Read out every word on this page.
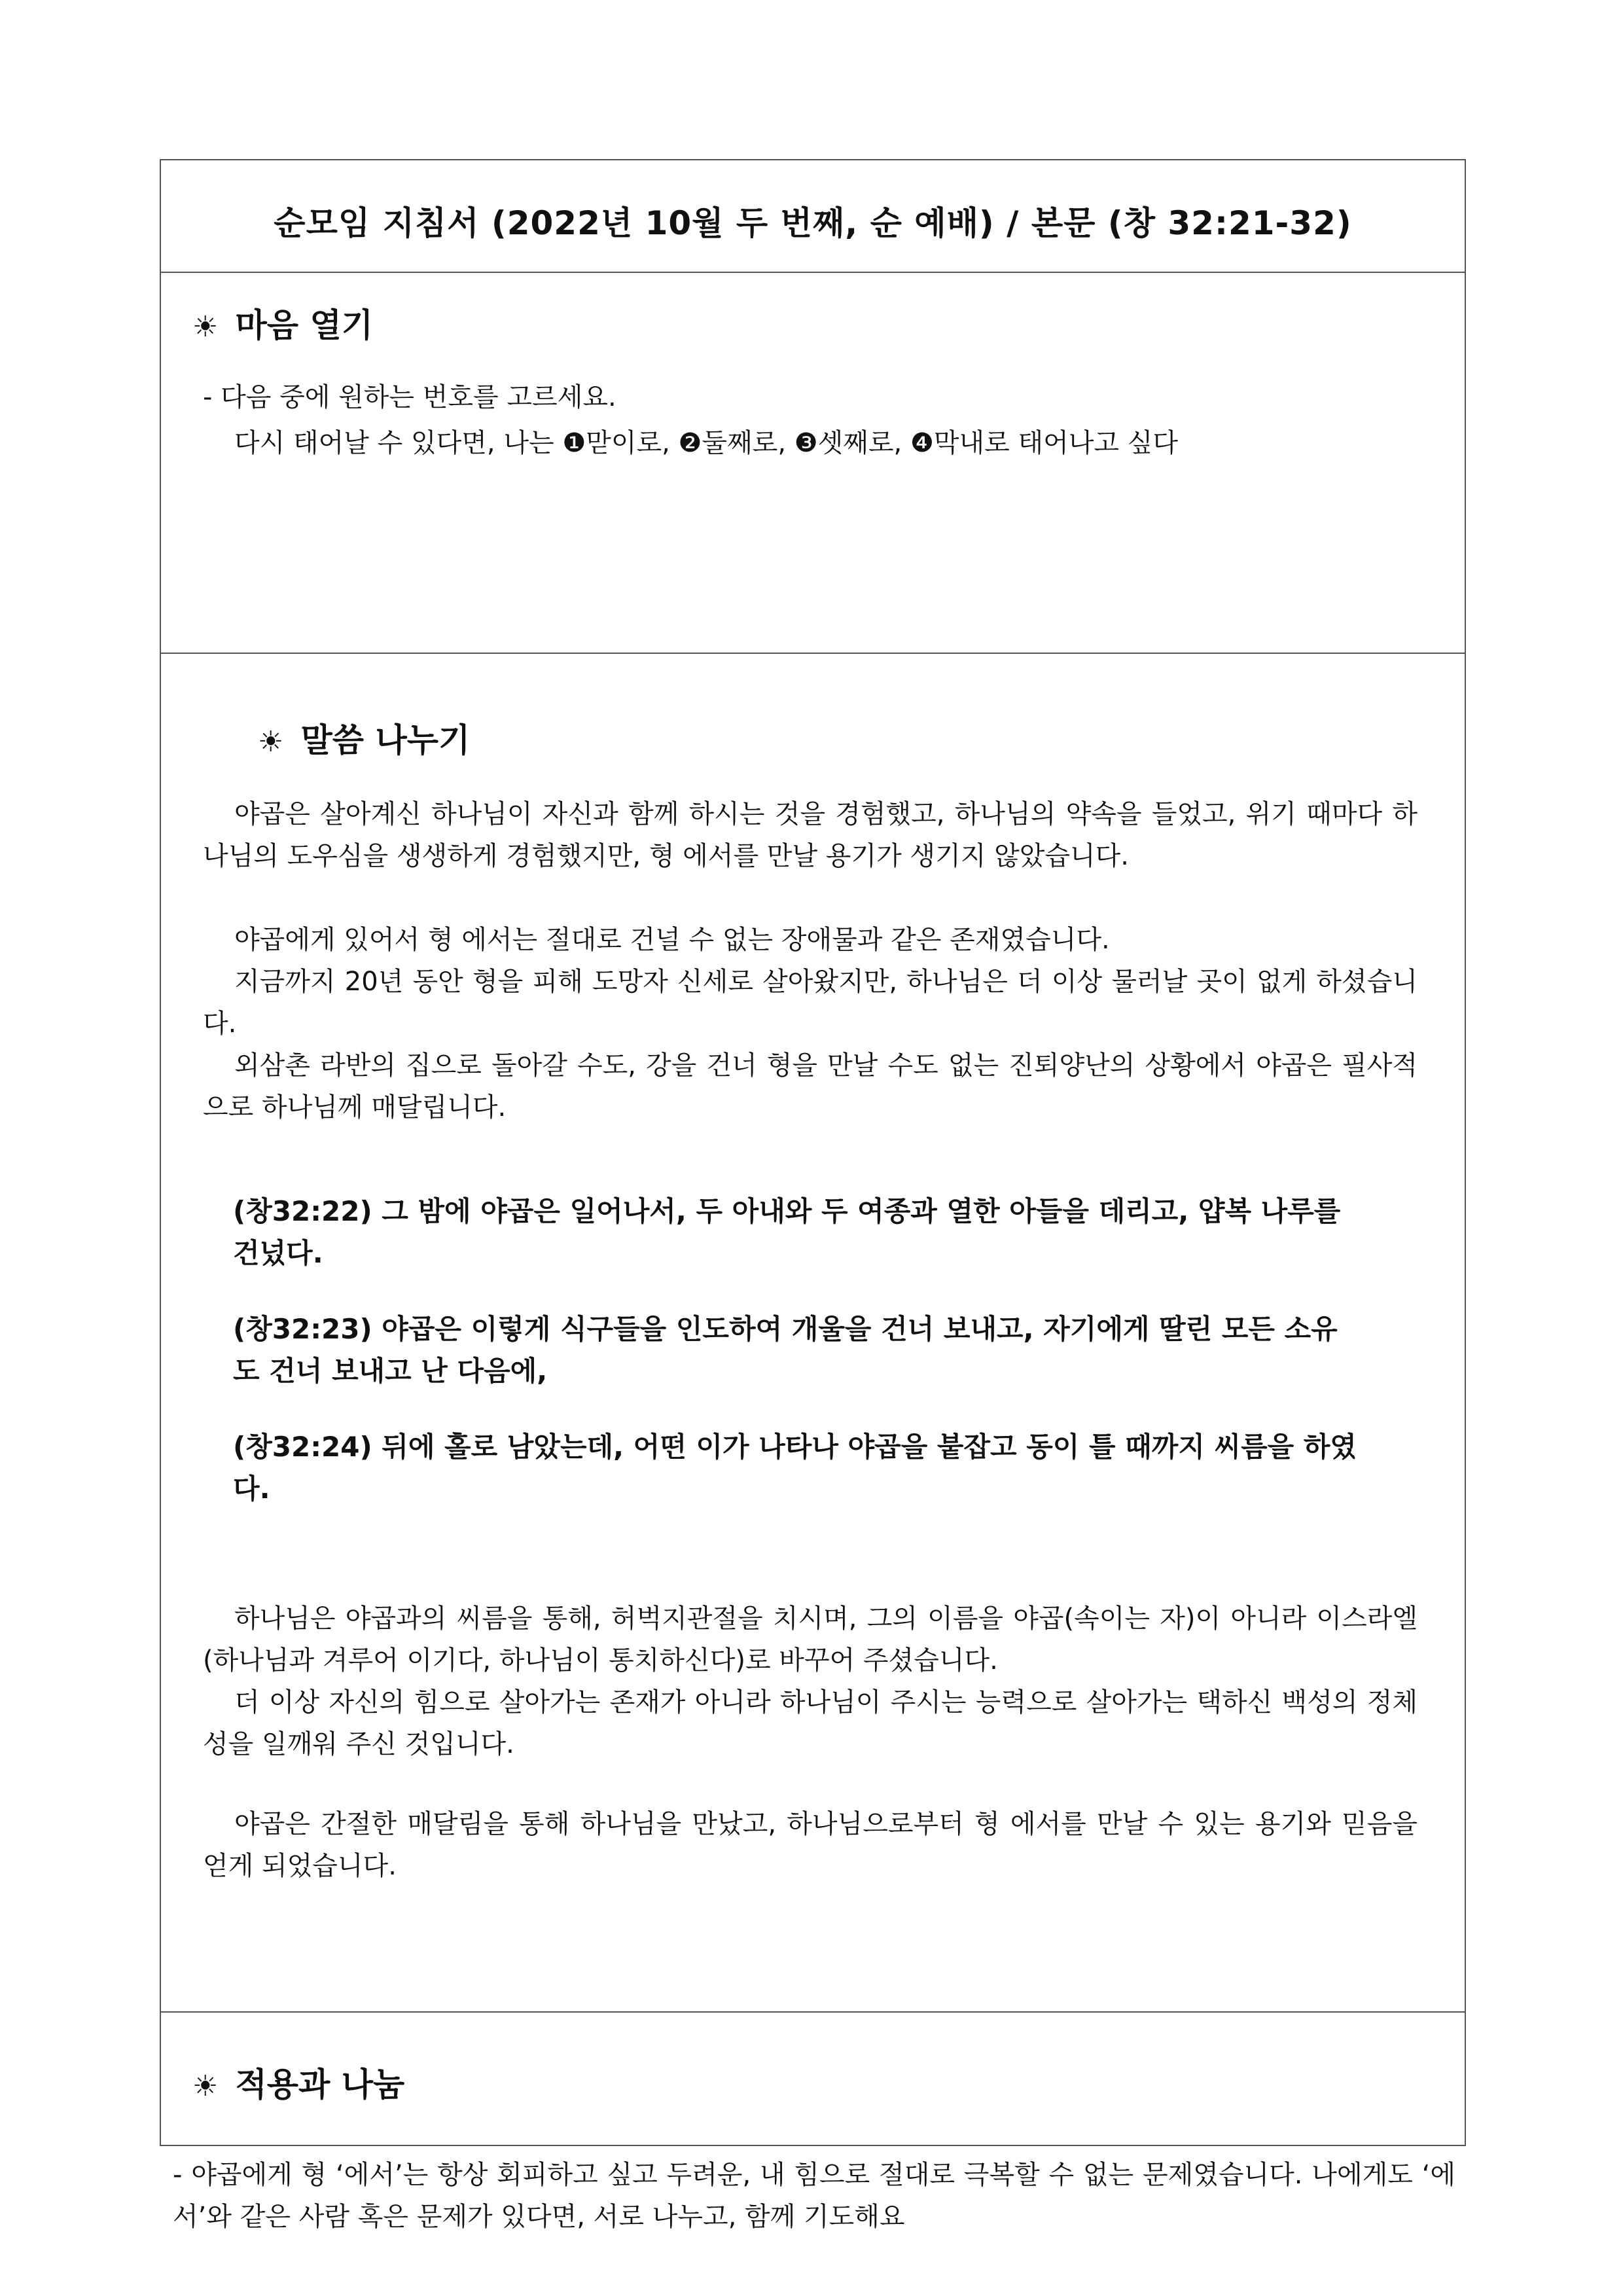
순모임 지침서 (2022년 10월 두 번째, 순 예배) / 본문 (창 32:21-32)
☀ 마음 열기
- 다음 중에 원하는 번호를 고르세요.
다시 태어날 수 있다면, 나는 ❶맏이로, ❷둘째로, ❸셋째로, ❹막내로 태어나고 싶다
☀ 말씀 나누기
야곱은 살아계신 하나님이 자신과 함께 하시는 것을 경험했고, 하나님의 약속을 들었고, 위기 때마다 하나님의 도우심을 생생하게 경험했지만, 형 에서를 만날 용기가 생기지 않았습니다.
야곱에게 있어서 형 에서는 절대로 건널 수 없는 장애물과 같은 존재였습니다.
지금까지 20년 동안 형을 피해 도망자 신세로 살아왔지만, 하나님은 더 이상 물러날 곳이 없게 하셨습니다.
외삼촌 라반의 집으로 돌아갈 수도, 강을 건너 형을 만날 수도 없는 진퇴양난의 상황에서 야곱은 필사적으로 하나님께 매달립니다.
(창32:22) 그 밤에 야곱은 일어나서, 두 아내와 두 여종과 열한 아들을 데리고, 얍복 나루를 건넜다.
(창32:23) 야곱은 이렇게 식구들을 인도하여 개울을 건너 보내고, 자기에게 딸린 모든 소유도 건너 보내고 난 다음에,
(창32:24) 뒤에 홀로 남았는데, 어떤 이가 나타나 야곱을 붙잡고 동이 틀 때까지 씨름을 하였다.
하나님은 야곱과의 씨름을 통해, 허벅지관절을 치시며, 그의 이름을 야곱(속이는 자)이 아니라 이스라엘(하나님과 겨루어 이기다, 하나님이 통치하신다)로 바꾸어 주셨습니다.
더 이상 자신의 힘으로 살아가는 존재가 아니라 하나님이 주시는 능력으로 살아가는 택하신 백성의 정체성을 일깨워 주신 것입니다.
야곱은 간절한 매달림을 통해 하나님을 만났고, 하나님으로부터 형 에서를 만날 수 있는 용기와 믿음을 얻게 되었습니다.
☀ 적용과 나눔
- 야곱에게 형 ‘에서’는 항상 회피하고 싶고 두려운, 내 힘으로 절대로 극복할 수 없는 문제였습니다. 나에게도 ‘에서’와 같은 사람 혹은 문제가 있다면, 서로 나누고, 함께 기도해요
